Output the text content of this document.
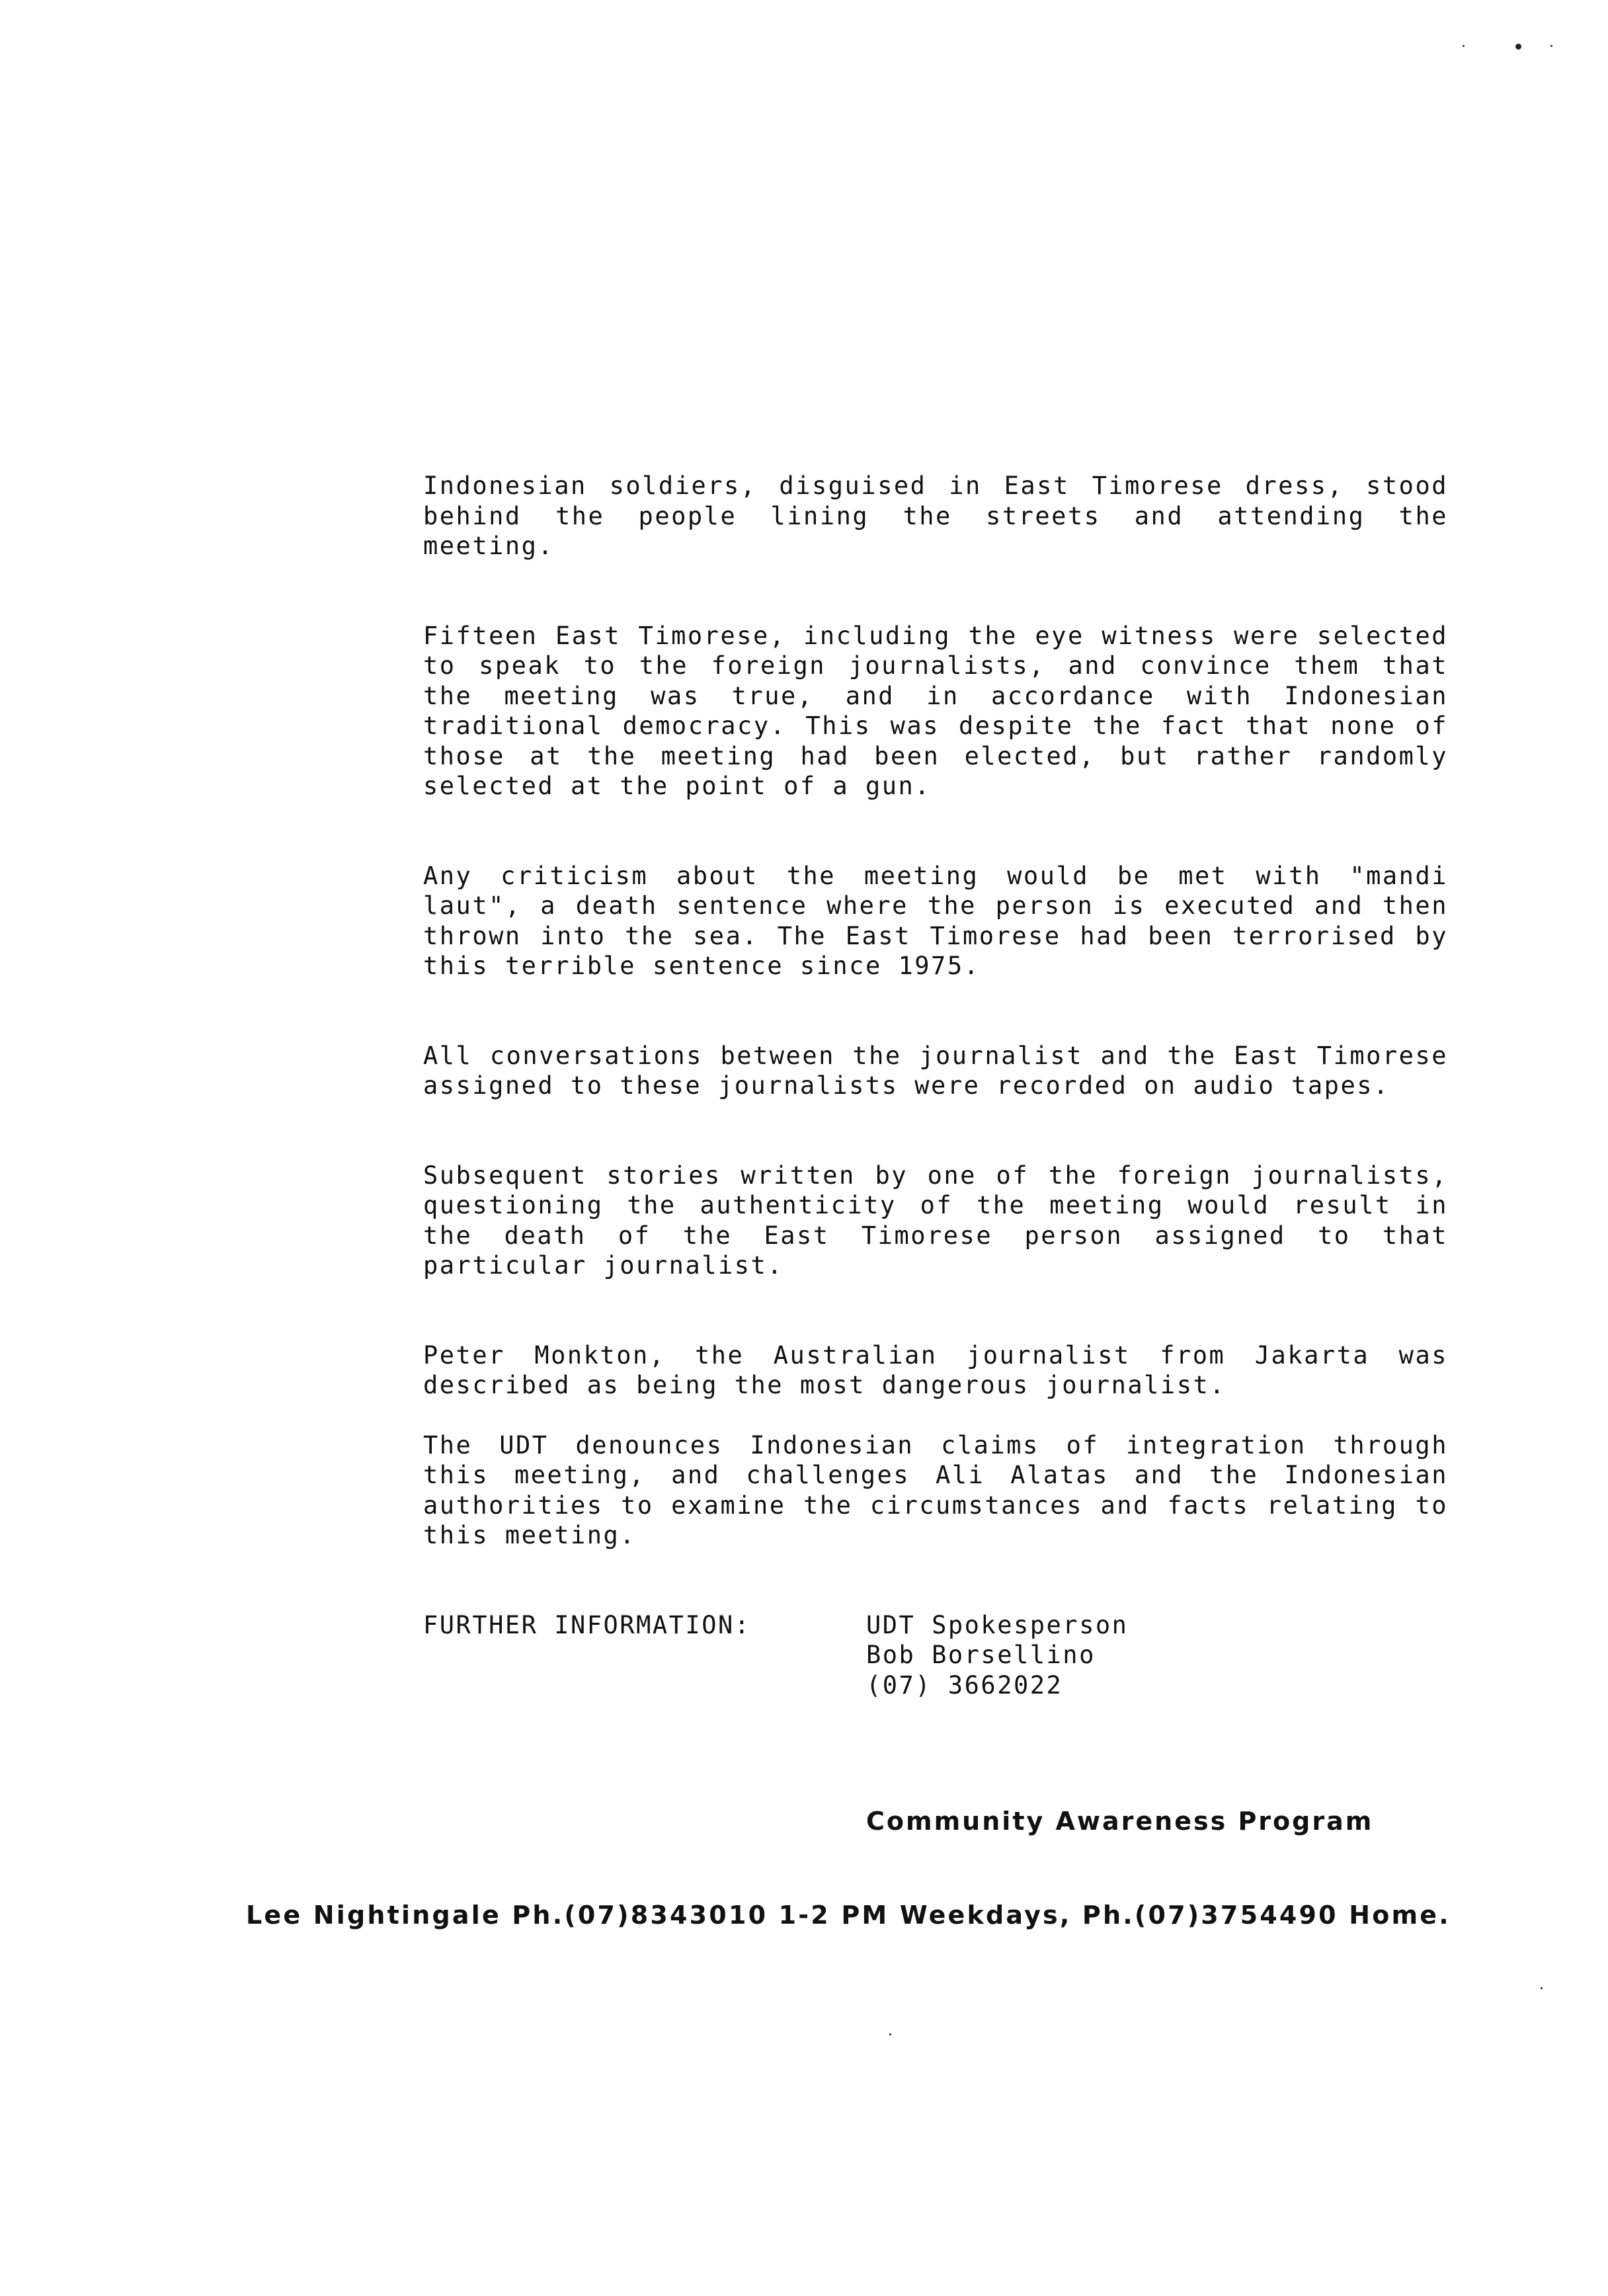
Indonesian soldiers, disguised in East Timorese dress, stood behind the people lining the streets and attending the meeting.

Fifteen East Timorese, including the eye witness were selected to speak to the foreign journalists, and convince them that the meeting was true, and in accordance with Indonesian traditional democracy. This was despite the fact that none of those at the meeting had been elected, but rather randomly selected at the point of a gun.

Any criticism about the meeting would be met with "mandi laut", a death sentence where the person is executed and then thrown into the sea. The East Timorese had been terrorised by this terrible sentence since 1975.

All conversations between the journalist and the East Timorese assigned to these journalists were recorded on audio tapes.

Subsequent stories written by one of the foreign journalists, questioning the authenticity of the meeting would result in the death of the East Timorese person assigned to that particular journalist.

Peter Monkton, the Australian journalist from Jakarta was described as being the most dangerous journalist.

The UDT denounces Indonesian claims of integration through this meeting, and challenges Ali Alatas and the Indonesian authorities to examine the circumstances and facts relating to this meeting.

FURTHER INFORMATION:	UDT Spokesperson
Bob Borsellino
(07) 3662022
Community Awareness Program
Lee Nightingale Ph.(07)8343010 1-2 PM Weekdays, Ph.(07)3754490 Home.
